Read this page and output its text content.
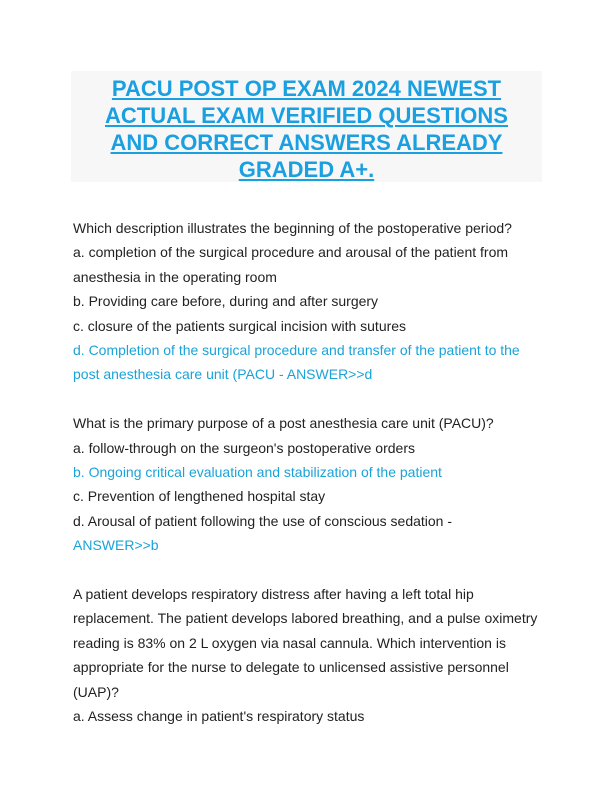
PACU POST OP EXAM 2024 NEWEST
ACTUAL EXAM VERIFIED QUESTIONS
AND CORRECT ANSWERS ALREADY
GRADED A+.
Which description illustrates the beginning of the postoperative period?
a. completion of the surgical procedure and arousal of the patient from
anesthesia in the operating room
b. Providing care before, during and after surgery
c. closure of the patients surgical incision with sutures
d. Completion of the surgical procedure and transfer of the patient to the
post anesthesia care unit (PACU - ANSWER>>d
What is the primary purpose of a post anesthesia care unit (PACU)?
a. follow-through on the surgeon's postoperative orders
b. Ongoing critical evaluation and stabilization of the patient
c. Prevention of lengthened hospital stay
d. Arousal of patient following the use of conscious sedation -
ANSWER>>b
A patient develops respiratory distress after having a left total hip
replacement. The patient develops labored breathing, and a pulse oximetry
reading is 83% on 2 L oxygen via nasal cannula. Which intervention is
appropriate for the nurse to delegate to unlicensed assistive personnel
(UAP)?
a. Assess change in patient's respiratory status
